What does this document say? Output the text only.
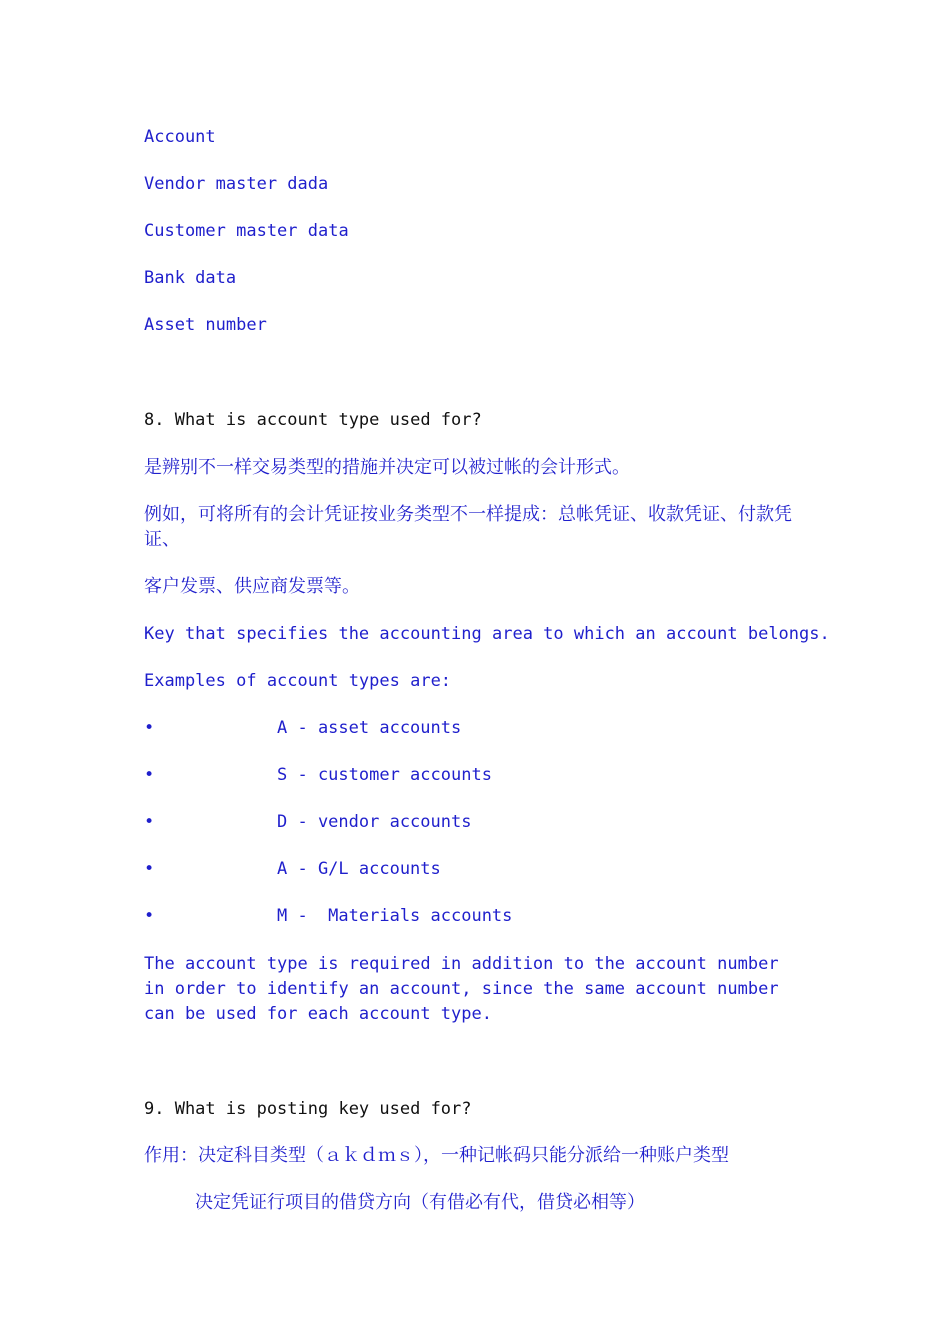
Account

Vendor master dada

Customer master data

Bank data

Asset number

8. What is account type used for?

是辨别不一样交易类型的措施并决定可以被过帐的会计形式。

例如，可将所有的会计凭证按业务类型不一样提成：总帐凭证、收款凭证、付款凭证、

客户发票、供应商发票等。

Key that specifies the accounting area to which an account belongs.

Examples of account types are:

•	A - asset accounts
•	S - customer accounts
•	D - vendor accounts
•	A - G/L accounts
•	M -  Materials accounts

The account type is required in addition to the account number in order to identify an account, since the same account number can be used for each account type.

9. What is posting key used for?

作用：决定科目类型（ａｋｄｍｓ），一种记帐码只能分派给一种账户类型

决定凭证行项目的借贷方向（有借必有代，借贷必相等）
